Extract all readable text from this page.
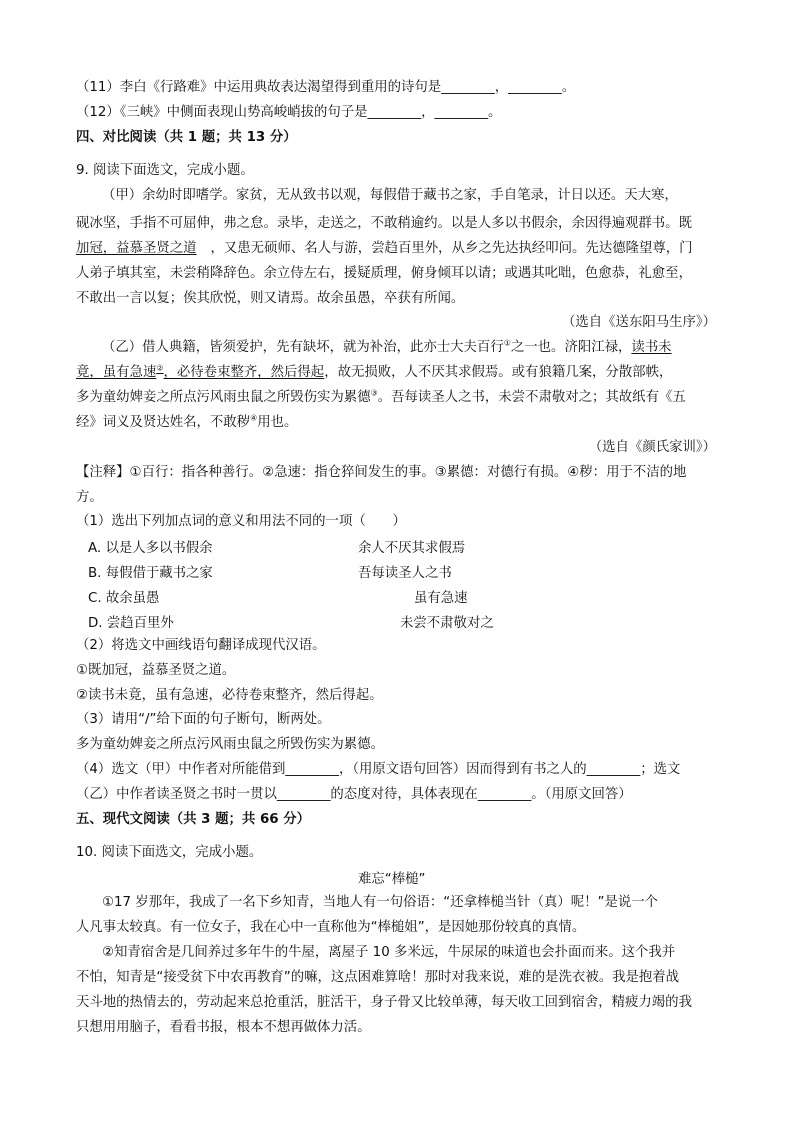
（11）李白《行路难》中运用典故表达渴望得到重用的诗句是________，________。
（12）《三峡》中侧面表现山势高峻峭拔的句子是________，________。
四、对比阅读（共 1 题；共 13 分）
9. 阅读下面选文，完成小题。
（甲）余幼时即嗜学。家贫，无从致书以观，每假借于藏书之家，手自笔录，计日以还。天大寒，
砚冰坚，手指不可屈伸，弗之怠。录毕，走送之，不敢稍逾约。以是人多以书假余，余因得遍观群书。既
加冠，益慕圣贤之道 ，又患无硕师、名人与游，尝趋百里外，从乡之先达执经叩问。先达德隆望尊，门
人弟子填其室，未尝稍降辞色。余立侍左右，援疑质理，俯身倾耳以请；或遇其叱咄，色愈恭，礼愈至，
不敢出一言以复；俟其欣悦，则又请焉。故余虽愚，卒获有所闻。
（选自《送东阳马生序》）
（乙）借人典籍，皆须爱护，先有缺坏，就为补治，此亦士大夫百行①之一也。济阳江禄，读书未
竟，虽有急速②，必待卷束整齐，然后得起，故无损败，人不厌其求假焉。或有狼籍几案，分散部帙，
多为童幼婢妾之所点污风雨虫鼠之所毁伤实为累德③。吾每读圣人之书，未尝不肃敬对之；其故纸有《五
经》词义及贤达姓名，不敢秽④用也。
（选自《颜氏家训》）
【注释】①百行：指各种善行。②急速：指仓猝间发生的事。③累德：对德行有损。④秽：用于不洁的地
方。
（1）选出下列加点词的意义和用法不同的一项（　　）
A. 以是人多以书假余	余人不厌其求假焉
B. 每假借于藏书之家	吾每读圣人之书
C. 故余虽愚	虽有急速
D. 尝趋百里外	未尝不肃敬对之
（2）将选文中画线语句翻译成现代汉语。
①既加冠，益慕圣贤之道。
②读书未竟，虽有急速，必待卷束整齐，然后得起。
（3）请用“/”给下面的句子断句，断两处。
多为童幼婢妾之所点污风雨虫鼠之所毁伤实为累德。
（4）选文（甲）中作者对所能借到________，（用原文语句回答）因而得到有书之人的________；选文
（乙）中作者读圣贤之书时一贯以________的态度对待，具体表现在________。（用原文回答）
五、现代文阅读（共 3 题；共 66 分）
10. 阅读下面选文，完成小题。
难忘“棒槌”
①17 岁那年，我成了一名下乡知青，当地人有一句俗语：“还拿棒槌当针（真）呢！”是说一个
人凡事太较真。有一位女子，我在心中一直称他为“棒槌姐”，是因她那份较真的真情。
②知青宿舍是几间养过多年牛的牛屋，离屋子 10 多米远，牛尿尿的味道也会扑面而来。这个我并
不怕，知青是“接受贫下中农再教育”的嘛，这点困难算啥！那时对我来说，难的是洗衣被。我是抱着战
天斗地的热情去的，劳动起来总抢重活，脏活干，身子骨又比较单薄，每天收工回到宿舍，精疲力竭的我
只想用用脑子，看看书报，根本不想再做体力活。
